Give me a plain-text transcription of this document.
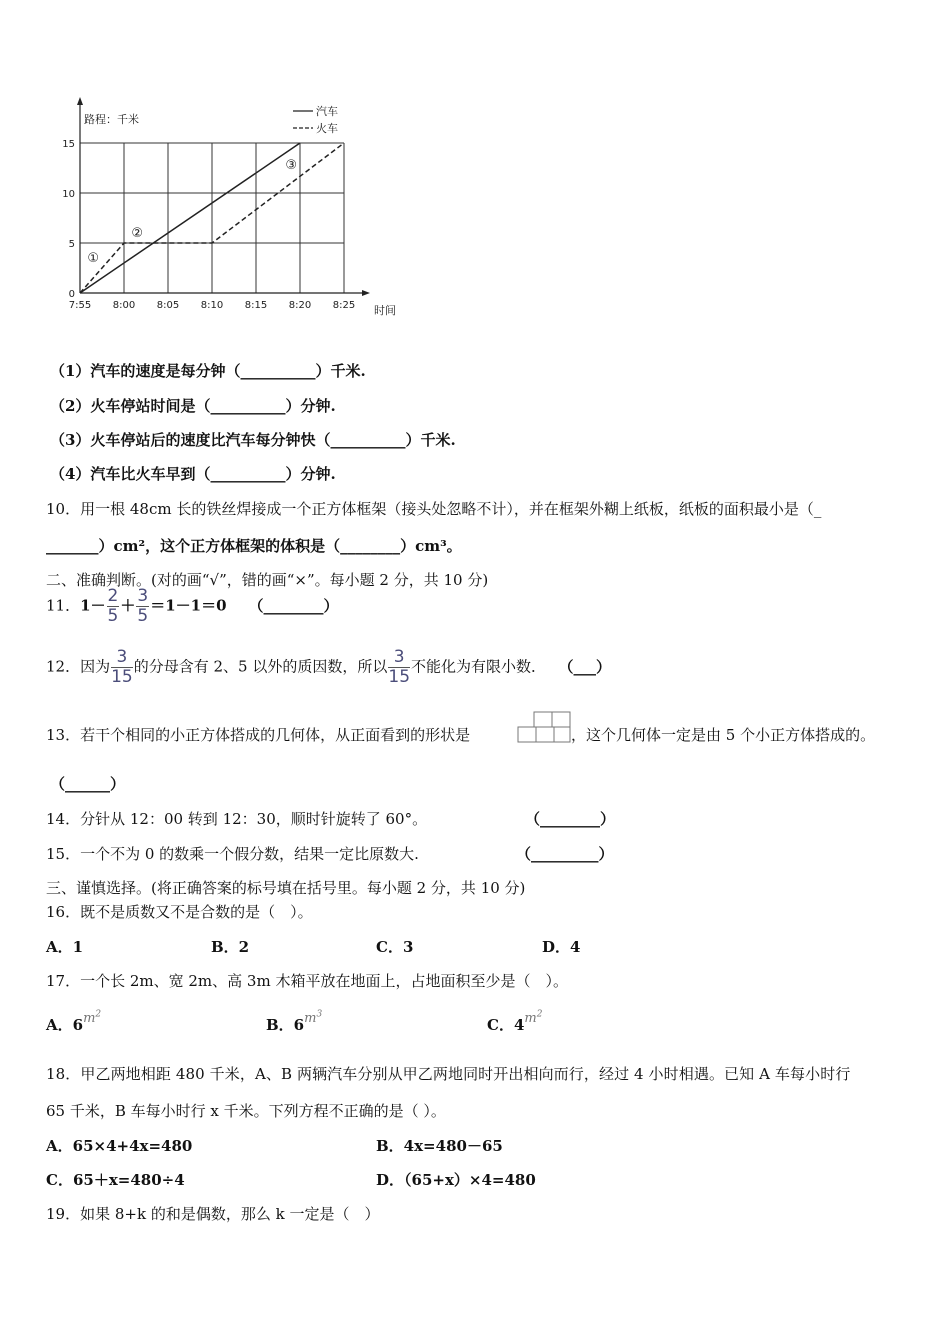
路程：千米
时间
7:55 8:00 8:05 8:10 8:15 8:20 8:25
0
5
10
15
汽车
火车
①
②
③
（1）汽车的速度是每分钟（__________）千米.
（2）火车停站时间是（__________）分钟.
（3）火车停站后的速度比汽车每分钟快（__________）千米.
（4）汽车比火车早到（__________）分钟.
10．用一根 48cm 长的铁丝焊接成一个正方体框架（接头处忽略不计），并在框架外糊上纸板，纸板的面积最小是（_
_______）cm²，这个正方体框架的体积是（________）cm³。
二、准确判断。(对的画“√”，错的画“×”。每小题 2 分，共 10 分)
11．$1- \frac{2}{5} + \frac{3}{5} =1-1=0$ （________）
12．因为 $\frac{3}{15}$ 的分母含有 2、5 以外的质因数，所以 $\frac{3}{15}$ 不能化为有限小数． （___）
13．若干个相同的小正方体搭成的几何体，从正面看到的形状是	，这个几何体一定是由 5 个小正方体搭成的。
（______）
14．分针从 12：00 转到 12：30，顺时针旋转了 60°。	（________）
15．一个不为 0 的数乘一个假分数，结果一定比原数大.	（_________）
三、谨慎选择。(将正确答案的标号填在括号里。每小题 2 分，共 10 分)
16．既不是质数又不是合数的是（　）。
A．1	B．2	C．3	D．4
17．一个长 2m、宽 2m、高 3m 木箱平放在地面上，占地面积至少是（　）。
A．$6m^2$
B．$6m^3$
C．$4m^2$
18．甲乙两地相距 480 千米，A、B 两辆汽车分别从甲乙两地同时开出相向而行，经过 4 小时相遇。已知 A 车每小时行
65 千米，B 车每小时行 x 千米。下列方程不正确的是（ ）。
A．65×4+4x=480	B．4x=480－65
C．65＋x=480÷4	D．（65+x）×4=480
19．如果 8+k 的和是偶数，那么 k 一定是（　）
